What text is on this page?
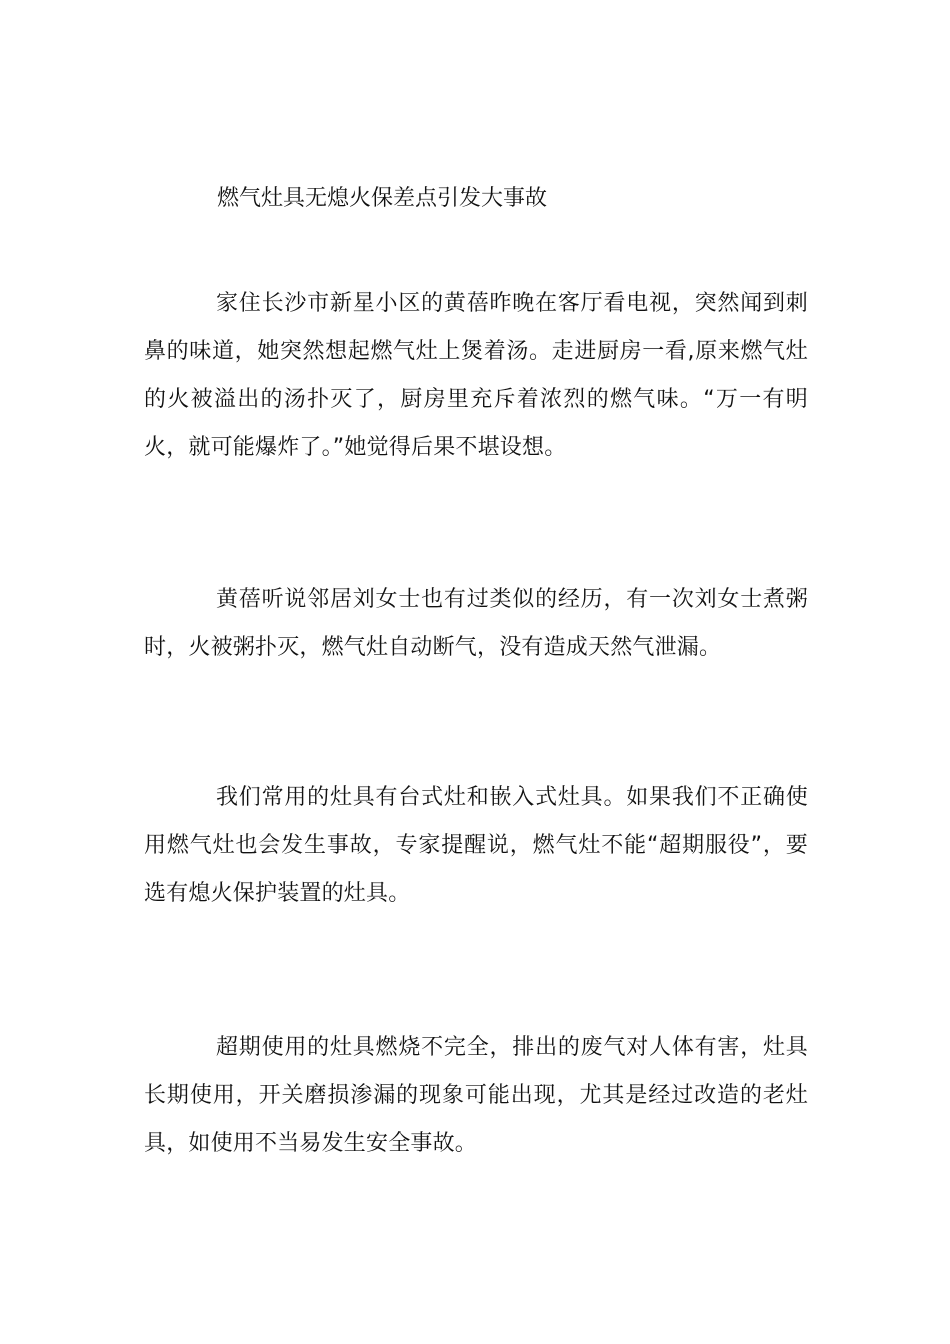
燃气灶具无熄火保差点引发大事故

家住长沙市新星小区的黄蓓昨晚在客厅看电视，突然闻到刺鼻的味道，她突然想起燃气灶上煲着汤。走进厨房一看,原来燃气灶的火被溢出的汤扑灭了，厨房里充斥着浓烈的燃气味。“万一有明火，就可能爆炸了。”她觉得后果不堪设想。

黄蓓听说邻居刘女士也有过类似的经历，有一次刘女士煮粥时，火被粥扑灭，燃气灶自动断气，没有造成天然气泄漏。

我们常用的灶具有台式灶和嵌入式灶具。如果我们不正确使用燃气灶也会发生事故，专家提醒说，燃气灶不能“超期服役”，要选有熄火保护装置的灶具。

超期使用的灶具燃烧不完全，排出的废气对人体有害，灶具长期使用，开关磨损渗漏的现象可能出现，尤其是经过改造的老灶具，如使用不当易发生安全事故。
